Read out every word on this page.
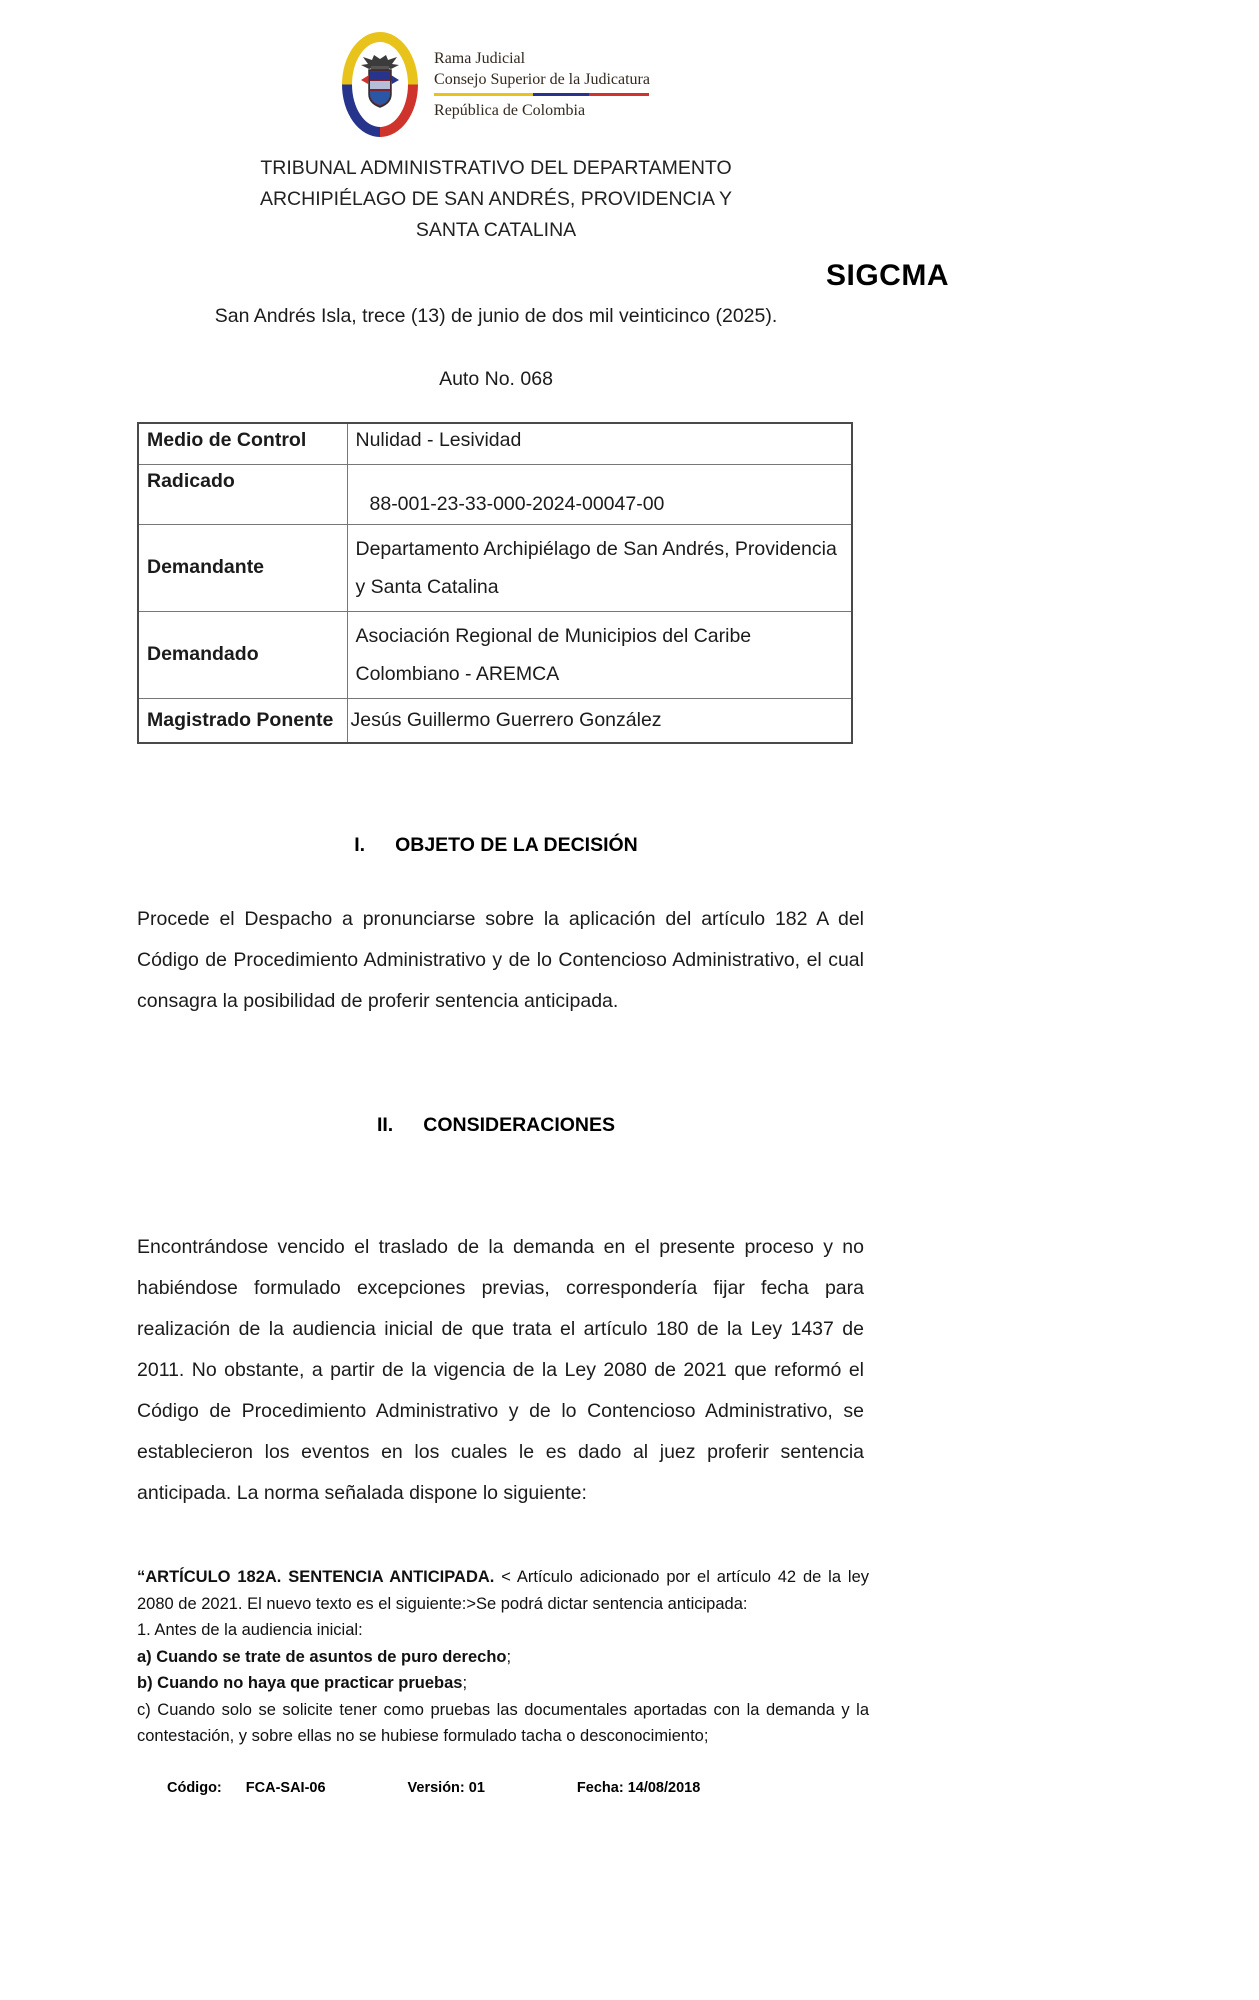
Rama Judicial
Consejo Superior de la Judicatura
República de Colombia
TRIBUNAL ADMINISTRATIVO DEL DEPARTAMENTO
ARCHIPIÉLAGO DE SAN ANDRÉS, PROVIDENCIA Y
SANTA CATALINA
SIGCMA
San Andrés Isla, trece (13) de junio de dos mil veinticinco (2025).
Auto No. 068
Medio de Control	Nulidad - Lesividad
Radicado	88-001-23-33-000-2024-00047-00
Demandante	Departamento Archipiélago de San Andrés, Providencia y Santa Catalina
Demandado	Asociación Regional de Municipios del Caribe Colombiano - AREMCA
Magistrado Ponente	Jesús Guillermo Guerrero González
I. OBJETO DE LA DECISIÓN
Procede el Despacho a pronunciarse sobre la aplicación del artículo 182 A del Código de Procedimiento Administrativo y de lo Contencioso Administrativo, el cual consagra la posibilidad de proferir sentencia anticipada.
II. CONSIDERACIONES
Encontrándose vencido el traslado de la demanda en el presente proceso y no habiéndose formulado excepciones previas, correspondería fijar fecha para realización de la audiencia inicial de que trata el artículo 180 de la Ley 1437 de 2011. No obstante, a partir de la vigencia de la Ley 2080 de 2021 que reformó el Código de Procedimiento Administrativo y de lo Contencioso Administrativo, se establecieron los eventos en los cuales le es dado al juez proferir sentencia anticipada. La norma señalada dispone lo siguiente:
“ARTÍCULO 182A. SENTENCIA ANTICIPADA. < Artículo adicionado por el artículo 42 de la ley 2080 de 2021. El nuevo texto es el siguiente:>Se podrá dictar sentencia anticipada:
1. Antes de la audiencia inicial:
a) Cuando se trate de asuntos de puro derecho;
b) Cuando no haya que practicar pruebas;
c) Cuando solo se solicite tener como pruebas las documentales aportadas con la demanda y la contestación, y sobre ellas no se hubiese formulado tacha o desconocimiento;
Código: FCA-SAI-06	Versión:
01	Fecha:
14/08/2018
